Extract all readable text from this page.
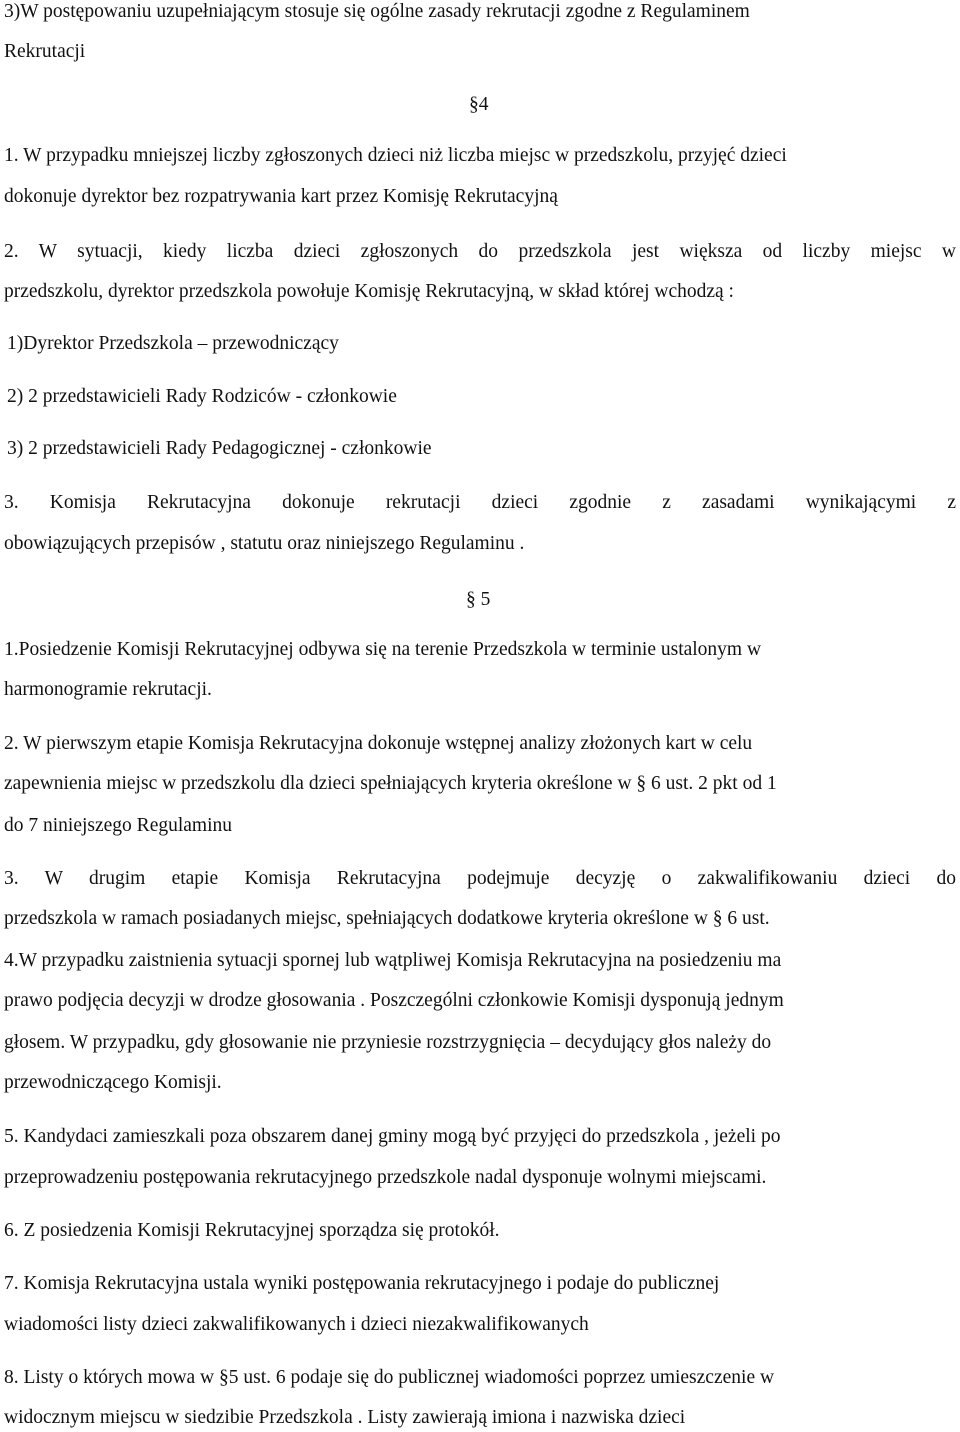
3)W postępowaniu uzupełniającym stosuje się ogólne zasady rekrutacji zgodne z Regulaminem
Rekrutacji
§4
1. W przypadku mniejszej liczby zgłoszonych dzieci niż liczba miejsc w przedszkolu, przyjęć dzieci
dokonuje dyrektor bez rozpatrywania kart przez Komisję Rekrutacyjną
2. W sytuacji, kiedy liczba dzieci zgłoszonych do przedszkola jest większa od liczby miejsc w
przedszkolu, dyrektor przedszkola powołuje Komisję Rekrutacyjną, w skład której wchodzą :
1)Dyrektor Przedszkola – przewodniczący
2) 2 przedstawicieli Rady Rodziców - członkowie
3) 2 przedstawicieli Rady Pedagogicznej - członkowie
3. Komisja Rekrutacyjna dokonuje rekrutacji dzieci zgodnie z zasadami wynikającymi z
obowiązujących przepisów , statutu oraz niniejszego Regulaminu .
§ 5
1.Posiedzenie Komisji Rekrutacyjnej odbywa się na terenie Przedszkola w terminie ustalonym w
harmonogramie rekrutacji.
2. W pierwszym etapie Komisja Rekrutacyjna dokonuje wstępnej analizy złożonych kart w celu
zapewnienia miejsc w przedszkolu dla dzieci spełniających kryteria określone w § 6 ust. 2 pkt od 1
do 7 niniejszego Regulaminu
3. W drugim etapie Komisja Rekrutacyjna podejmuje decyzję o zakwalifikowaniu dzieci do
przedszkola w ramach posiadanych miejsc, spełniających dodatkowe kryteria określone w § 6 ust.
4.W przypadku zaistnienia sytuacji spornej lub wątpliwej Komisja Rekrutacyjna na posiedzeniu ma
prawo podjęcia decyzji w drodze głosowania . Poszczególni członkowie Komisji dysponują jednym
głosem. W przypadku, gdy głosowanie nie przyniesie rozstrzygnięcia – decydujący głos należy do
przewodniczącego Komisji.
5. Kandydaci zamieszkali poza obszarem danej gminy mogą być przyjęci do przedszkola , jeżeli po
przeprowadzeniu postępowania rekrutacyjnego przedszkole nadal dysponuje wolnymi miejscami.
6. Z posiedzenia Komisji Rekrutacyjnej sporządza się protokół.
7. Komisja Rekrutacyjna ustala wyniki postępowania rekrutacyjnego i podaje do publicznej
wiadomości listy dzieci zakwalifikowanych i dzieci niezakwalifikowanych
8. Listy o których mowa w §5 ust. 6 podaje się do publicznej wiadomości poprzez umieszczenie w
widocznym miejscu w siedzibie Przedszkola . Listy zawierają imiona i nazwiska dzieci
